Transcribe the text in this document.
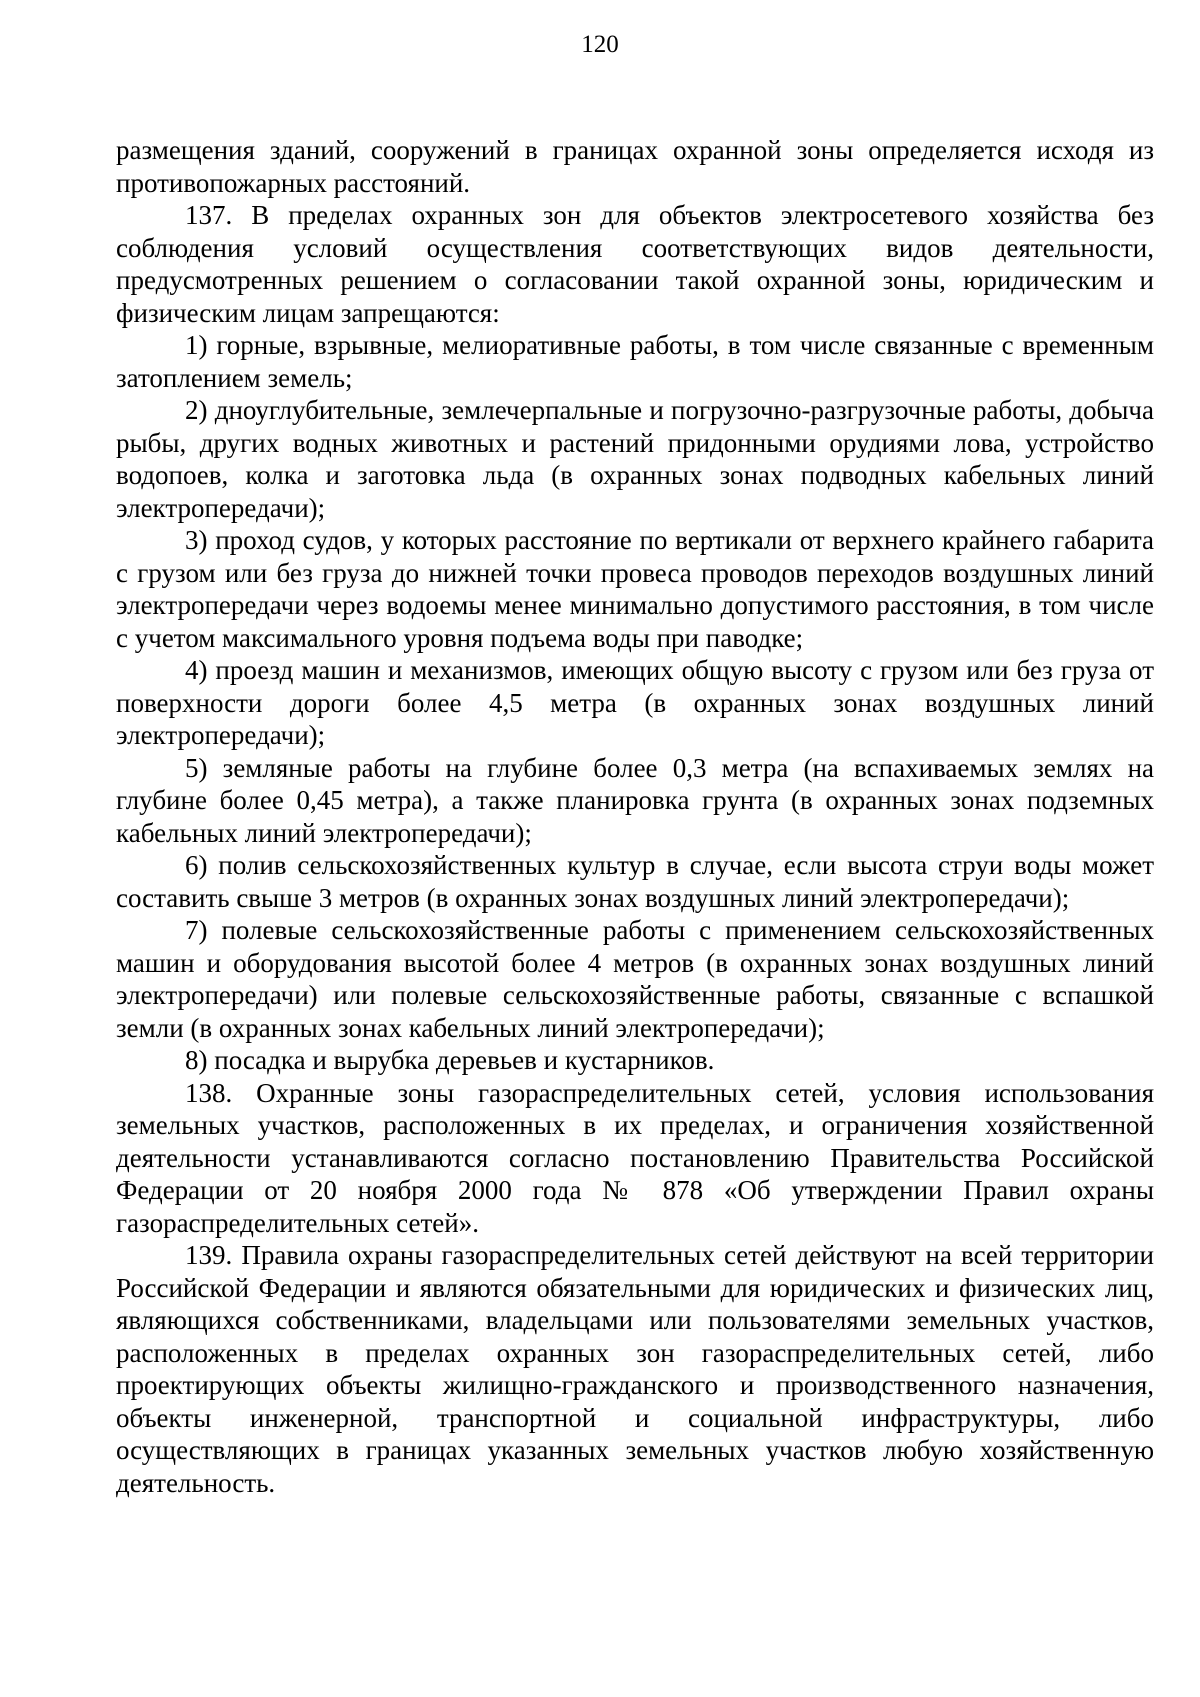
120

размещения зданий, сооружений в границах охранной зоны определяется исходя из противопожарных расстояний.

137. В пределах охранных зон для объектов электросетевого хозяйства без соблюдения условий осуществления соответствующих видов деятельности, предусмотренных решением о согласовании такой охранной зоны, юридическим и физическим лицам запрещаются:

1) горные, взрывные, мелиоративные работы, в том числе связанные с временным затоплением земель;

2) дноуглубительные, землечерпальные и погрузочно-разгрузочные работы, добыча рыбы, других водных животных и растений придонными орудиями лова, устройство водопоев, колка и заготовка льда (в охранных зонах подводных кабельных линий электропередачи);

3) проход судов, у которых расстояние по вертикали от верхнего крайнего габарита с грузом или без груза до нижней точки провеса проводов переходов воздушных линий электропередачи через водоемы менее минимально допустимого расстояния, в том числе с учетом максимального уровня подъема воды при паводке;

4) проезд машин и механизмов, имеющих общую высоту с грузом или без груза от поверхности дороги более 4,5 метра (в охранных зонах воздушных линий электропередачи);

5) земляные работы на глубине более 0,3 метра (на вспахиваемых землях на глубине более 0,45 метра), а также планировка грунта (в охранных зонах подземных кабельных линий электропередачи);

6) полив сельскохозяйственных культур в случае, если высота струи воды может составить свыше 3 метров (в охранных зонах воздушных линий электропередачи);

7) полевые сельскохозяйственные работы с применением сельскохозяйственных машин и оборудования высотой более 4 метров (в охранных зонах воздушных линий электропередачи) или полевые сельскохозяйственные работы, связанные с вспашкой земли (в охранных зонах кабельных линий электропередачи);

8) посадка и вырубка деревьев и кустарников.

138. Охранные зоны газораспределительных сетей, условия использования земельных участков, расположенных в их пределах, и ограничения хозяйственной деятельности устанавливаются согласно постановлению Правительства Российской Федерации от 20 ноября 2000 года № 878 «Об утверждении Правил охраны газораспределительных сетей».

139. Правила охраны газораспределительных сетей действуют на всей территории Российской Федерации и являются обязательными для юридических и физических лиц, являющихся собственниками, владельцами или пользователями земельных участков, расположенных в пределах охранных зон газораспределительных сетей, либо проектирующих объекты жилищно-гражданского и производственного назначения, объекты инженерной, транспортной и социальной инфраструктуры, либо осуществляющих в границах указанных земельных участков любую хозяйственную деятельность.
